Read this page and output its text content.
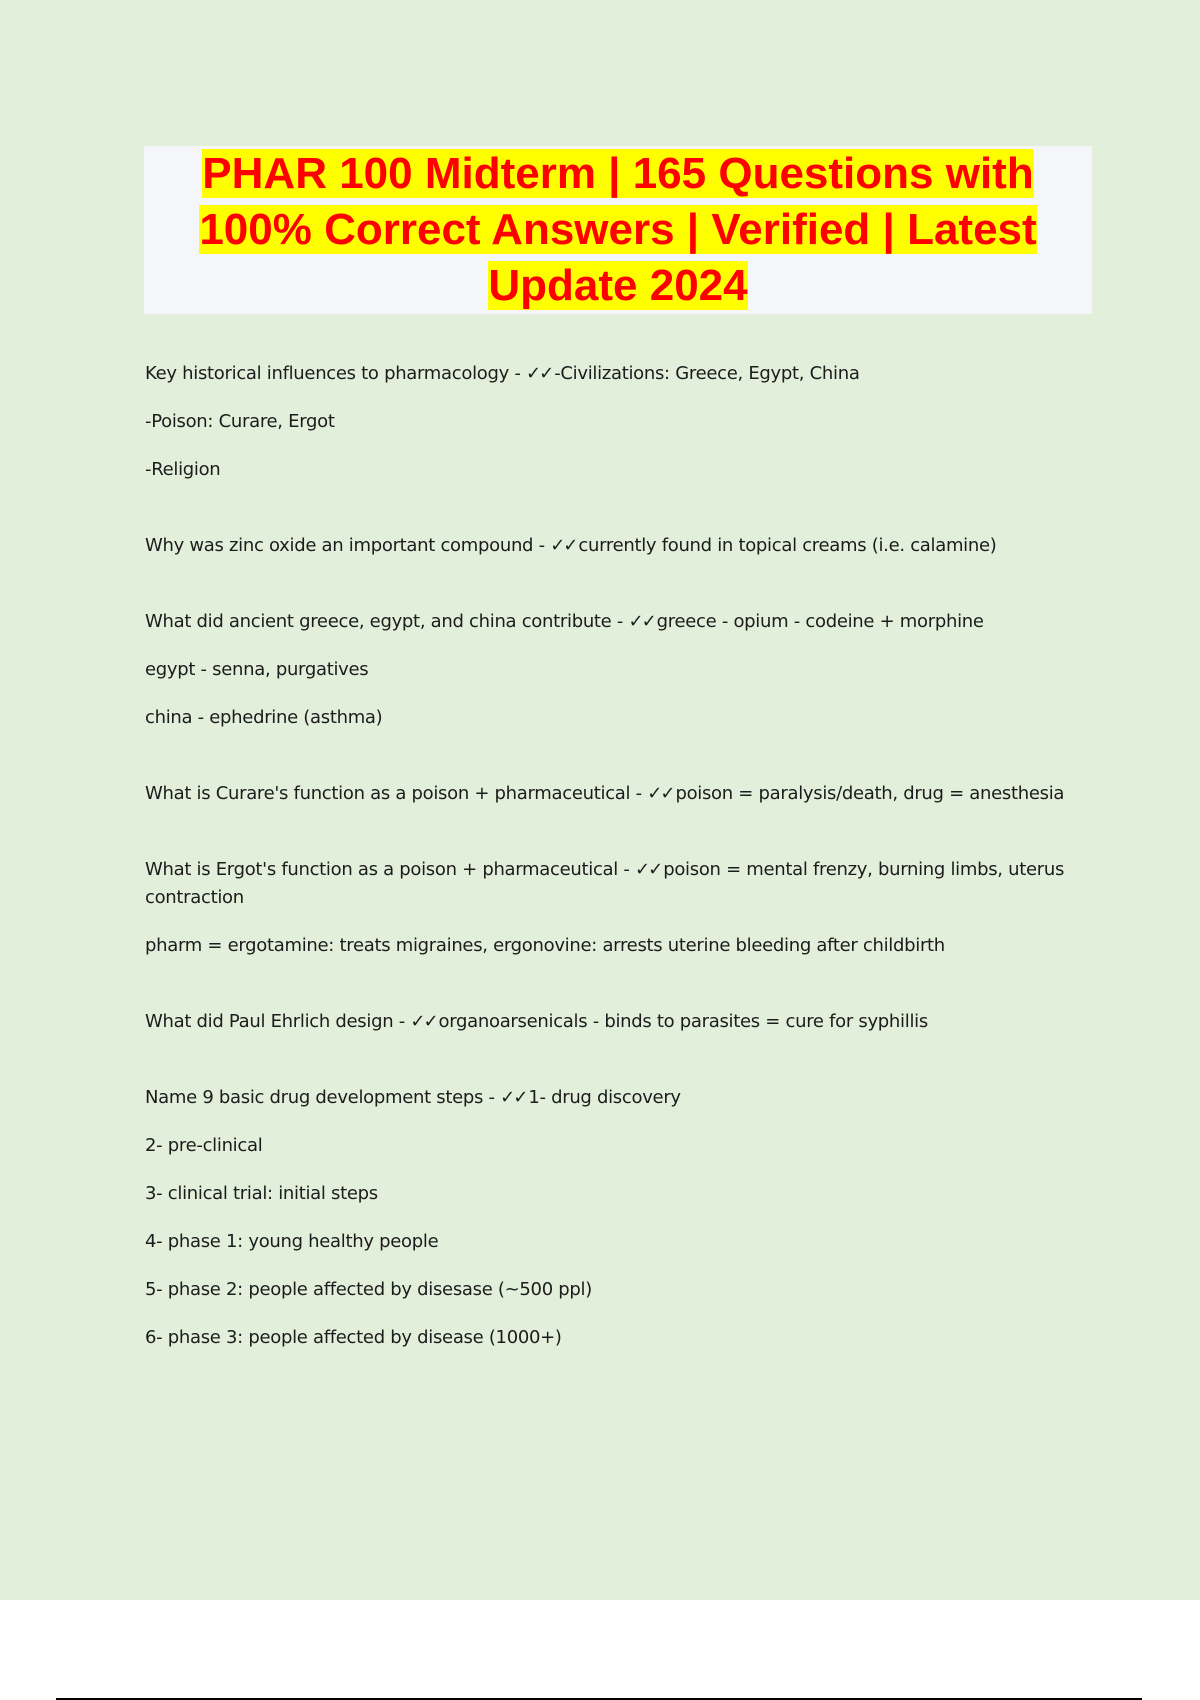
PHAR 100 Midterm | 165 Questions with 100% Correct Answers | Verified | Latest Update 2024
Key historical influences to pharmacology - ✓✓ -Civilizations: Greece, Egypt, China
-Poison: Curare, Ergot
-Religion
Why was zinc oxide an important compound - ✓✓ currently found in topical creams (i.e. calamine)
What did ancient greece, egypt, and china contribute - ✓✓ greece - opium - codeine + morphine
egypt - senna, purgatives
china - ephedrine (asthma)
What is Curare's function as a poison + pharmaceutical - ✓✓ poison = paralysis/death, drug = anesthesia
What is Ergot's function as a poison + pharmaceutical - ✓✓ poison = mental frenzy, burning limbs, uterus contraction
pharm = ergotamine: treats migraines, ergonovine: arrests uterine bleeding after childbirth
What did Paul Ehrlich design - ✓✓ organoarsenicals - binds to parasites = cure for syphillis
Name 9 basic drug development steps - ✓✓ 1- drug discovery
2- pre-clinical
3- clinical trial: initial steps
4- phase 1: young healthy people
5- phase 2: people affected by disesase (~500 ppl)
6- phase 3: people affected by disease (1000+)
